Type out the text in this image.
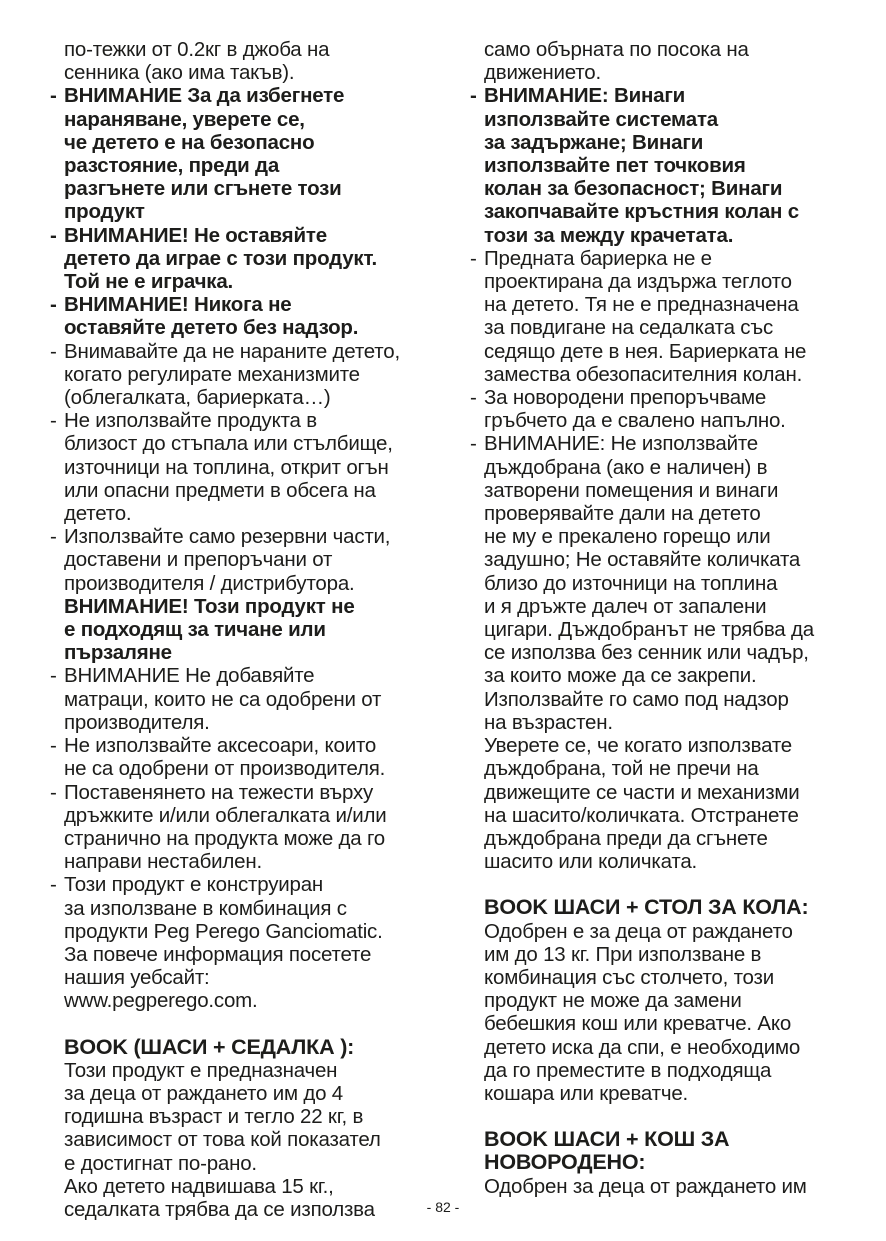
по-тежки от 0.2кг в джоба на
сенника (ако има такъв).
- ВНИМАНИЕ За да избегнете
нараняване, уверете се,
че детето е на безопасно
разстояние, преди да
разгънете или сгънете този
продукт
- ВНИМАНИЕ! Не оставяйте
детето да играе с този продукт.
Той не е играчка.
- ВНИМАНИЕ! Никога не
оставяйте детето без надзор.
- Внимавайте да не нараните детето,
когато регулирате механизмите
(облегалката, бариерката…)
- Не използвайте продукта в
близост до стъпала или стълбище,
източници на топлина, открит огън
или опасни предмети в обсега на
детето.
- Използвайте само резервни части,
доставени и препоръчани от
производителя / дистрибутора.
ВНИМАНИЕ! Този продукт не
е подходящ за тичане или
пързаляне
- ВНИМАНИЕ Не добавяйте
матраци, които не са одобрени от
производителя.
- Не използвайте аксесоари, които
не са одобрени от производителя.
- Поставенянето на тежести върху
дръжките и/или облегалката и/или
странично на продукта може да го
направи нестабилен.
- Този продукт е конструиран
за използване в комбинация с
продукти Peg Perego Ganciomatic.
За повече информация посетете
нашия уебсайт:
www.pegperego.com.
BOOK (ШАСИ + СЕДАЛКА ):
Този продукт е предназначен
за деца от раждането им до 4
годишна възраст и тегло 22 кг, в
зависимост от това кой показател
е достигнат по-рано.
Ако детето надвишава 15 кг.,
седалката трябва да се използва
само обърната по посока на
движението.
- ВНИМАНИЕ: Винаги
използвайте системата
за задържане; Винаги
използвайте пет точковия
колан за безопасност; Винаги
закопчавайте кръстния колан с
този за между крачетата.
- Предната бариерка не е
проектирана да издържа теглото
на детето. Тя не е предназначена
за повдигане на седалката със
седящо дете в нея. Бариерката не
замества обезопасителния колан.
- За новородени препоръчваме
гръбчето да е свалено напълно.
- ВНИМАНИЕ: Не използвайте
дъждобрана (ако е наличен) в
затворени помещения и винаги
проверявайте дали на детето
не му е прекалено горещо или
задушно; Не оставяйте количката
близо до източници на топлина
и я дръжте далеч от запалени
цигари. Дъждобранът не трябва да
се използва без сенник или чадър,
за които може да се закрепи.
Използвайте го само под надзор
на възрастен.
Уверете се, че когато използвате
дъждобрана, той не пречи на
движещите се части и механизми
на шасито/количката. Отстранете
дъждобрана преди да сгънете
шасито или количката.
BOOK ШАСИ + СТОЛ ЗА КОЛА:
Одобрен е за деца от раждането
им до 13 кг. При използване в
комбинация със столчето, този
продукт не може да замени
бебешкия кош или креватче. Ако
детето иска да спи, е необходимо
да го преместите в подходяща
кошара или креватче.
BOOK ШАСИ + КОШ ЗА
НОВОРОДЕНО:
Одобрен за деца от раждането им
- 82 -
